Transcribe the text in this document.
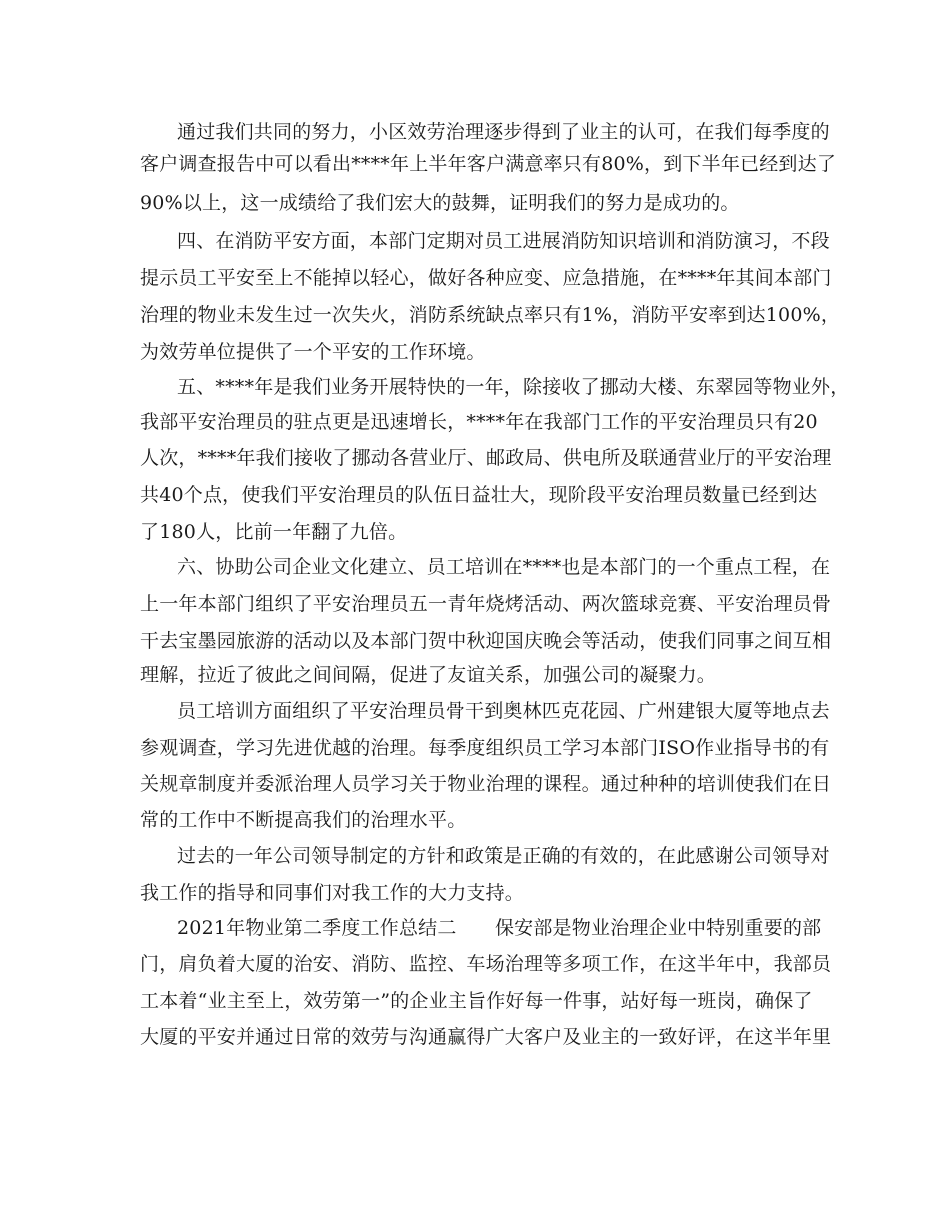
通过我们共同的努力，小区效劳治理逐步得到了业主的认可，在我们每季度的
客户调查报告中可以看出****年上半年客户满意率只有80%，到下半年已经到达了
90%以上，这一成绩给了我们宏大的鼓舞，证明我们的努力是成功的。
四、在消防平安方面，本部门定期对员工进展消防知识培训和消防演习，不段
提示员工平安至上不能掉以轻心，做好各种应变、应急措施，在****年其间本部门
治理的物业未发生过一次失火，消防系统缺点率只有1%，消防平安率到达100%，
为效劳单位提供了一个平安的工作环境。
五、****年是我们业务开展特快的一年，除接收了挪动大楼、东翠园等物业外，
我部平安治理员的驻点更是迅速增长，****年在我部门工作的平安治理员只有20
人次，****年我们接收了挪动各营业厅、邮政局、供电所及联通营业厅的平安治理
共40个点，使我们平安治理员的队伍日益壮大，现阶段平安治理员数量已经到达
了180人，比前一年翻了九倍。
六、协助公司企业文化建立、员工培训在****也是本部门的一个重点工程，在
上一年本部门组织了平安治理员五一青年烧烤活动、两次篮球竞赛、平安治理员骨
干去宝墨园旅游的活动以及本部门贺中秋迎国庆晚会等活动，使我们同事之间互相
理解，拉近了彼此之间间隔，促进了友谊关系，加强公司的凝聚力。
员工培训方面组织了平安治理员骨干到奥林匹克花园、广州建银大厦等地点去
参观调查，学习先进优越的治理。每季度组织员工学习本部门ISO作业指导书的有
关规章制度并委派治理人员学习关于物业治理的课程。通过种种的培训使我们在日
常的工作中不断提高我们的治理水平。
过去的一年公司领导制定的方针和政策是正确的有效的，在此感谢公司领导对
我工作的指导和同事们对我工作的大力支持。
2021年物业第二季度工作总结二　　保安部是物业治理企业中特别重要的部
门，肩负着大厦的治安、消防、监控、车场治理等多项工作，在这半年中，我部员
工本着“业主至上，效劳第一”的企业主旨作好每一件事，站好每一班岗，确保了
大厦的平安并通过日常的效劳与沟通赢得广大客户及业主的一致好评，在这半年里
